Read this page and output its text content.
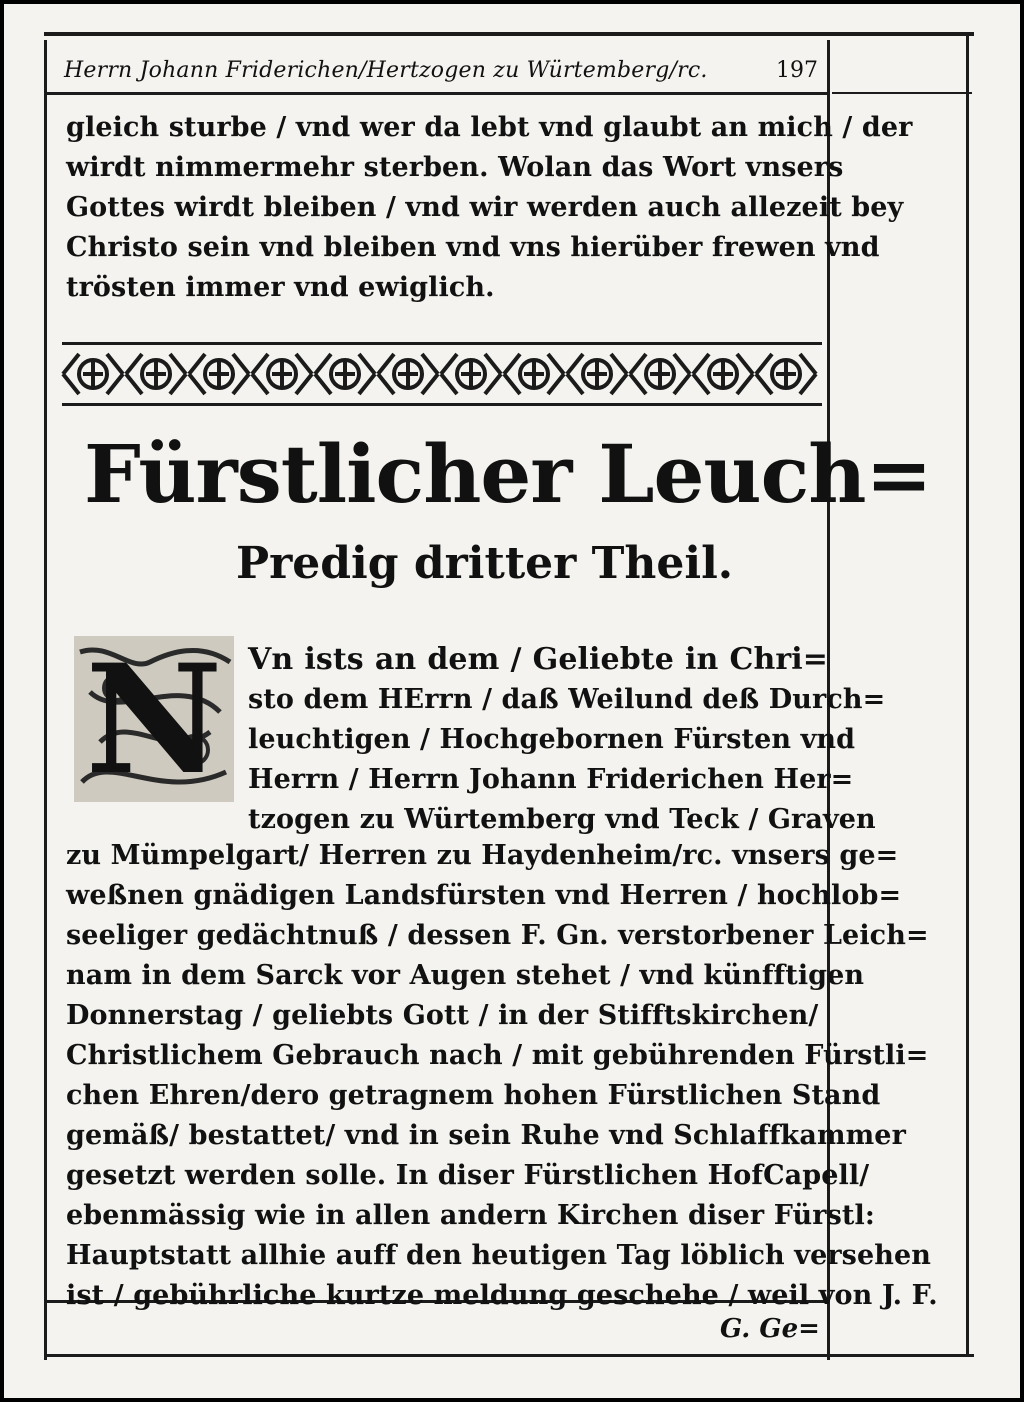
Herrn Johann Friderichen/Hertzogen zu Würtemberg/rc.	197
gleich sturbe / vnd wer da lebt vnd glaubt an mich / der
wirdt nimmermehr sterben. Wolan das Wort vnsers
Gottes wirdt bleiben / vnd wir werden auch allezeit bey
Christo sein vnd bleiben vnd vns hierüber frewen vnd
trösten immer vnd ewiglich.
Fürstlicher Leuch=
Predig dritter Theil.
N Vn ists an dem / Geliebte in Chri=
sto dem HErrn / daß Weilund deß Durch=
leuchtigen / Hochgebornen Fürsten vnd
Herrn / Herrn Johann Friderichen Her=
tzogen zu Würtemberg vnd Teck / Graven
zu Mümpelgart/ Herren zu Haydenheim/rc. vnsers ge=
weßnen gnädigen Landsfürsten vnd Herren / hochlob=
seeliger gedächtnuß / dessen F. Gn. verstorbener Leich=
nam in dem Sarck vor Augen stehet / vnd künfftigen
Donnerstag / geliebts Gott / in der Stifftskirchen/
Christlichem Gebrauch nach / mit gebührenden Fürstli=
chen Ehren/dero getragnem hohen Fürstlichen Stand
gemäß/ bestattet/ vnd in sein Ruhe vnd Schlaffkammer
gesetzt werden solle. In diser Fürstlichen HofCapell/
ebenmässig wie in allen andern Kirchen diser Fürstl:
Hauptstatt allhie auff den heutigen Tag löblich versehen
ist / gebührliche kurtze meldung geschehe / weil von J. F.
G. Ge=
